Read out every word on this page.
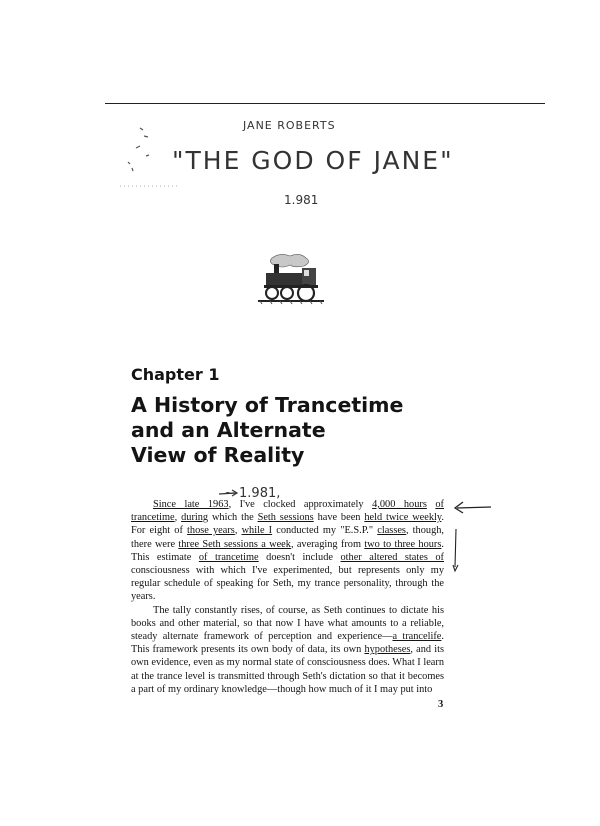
JANE ROBERTS
"THE GOD OF JANE"
1.981
Chapter 1
A History of Trancetime
and an Alternate
View of Reality
~ 1.981,

Since late 1963, I've clocked approximately 4,000 hours of trancetime, during which the Seth sessions have been held twice weekly. For eight of those years, while I conducted my "E.S.P." classes, though, there were three Seth sessions a week, averaging from two to three hours. This estimate of trancetime doesn't include other altered states of consciousness with which I've experimented, but represents only my regular schedule of speaking for Seth, my trance personality, through the years.

The tally constantly rises, of course, as Seth continues to dictate his books and other material, so that now I have what amounts to a reliable, steady alternate framework of perception and experience—a trancelife. This framework presents its own body of data, its own hypotheses, and its own evidence, even as my normal state of consciousness does. What I learn at the trance level is transmitted through Seth's dictation so that it becomes a part of my ordinary knowledge—though how much of it I may put into

3
